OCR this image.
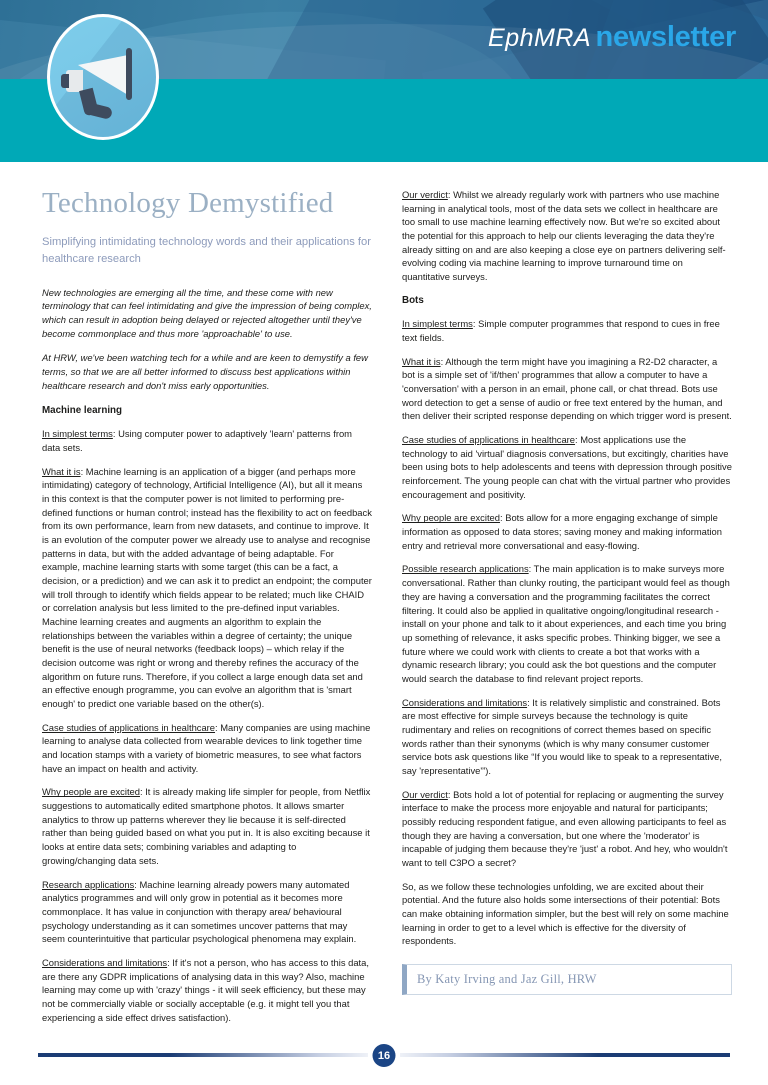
EphMRA newsletter
Technology Demystified
Simplifying intimidating technology words and their applications for healthcare research

New technologies are emerging all the time, and these come with new terminology that can feel intimidating and give the impression of being complex, which can result in adoption being delayed or rejected altogether until they've become commonplace and thus more 'approachable' to use.

At HRW, we've been watching tech for a while and are keen to demystify a few terms, so that we are all better informed to discuss best applications within healthcare research and don't miss early opportunities.

Machine learning

In simplest terms: Using computer power to adaptively 'learn' patterns from data sets.

What it is: Machine learning is an application of a bigger (and perhaps more intimidating) category of technology, Artificial Intelligence (AI), but all it means in this context is that the computer power is not limited to performing pre-defined functions or human control; instead has the flexibility to act on feedback from its own performance, learn from new datasets, and continue to improve. It is an evolution of the computer power we already use to analyse and recognise patterns in data, but with the added advantage of being adaptable. For example, machine learning starts with some target (this can be a fact, a decision, or a prediction) and we can ask it to predict an endpoint; the computer will troll through to identify which fields appear to be related; much like CHAID or correlation analysis but less limited to the pre-defined input variables. Machine learning creates and augments an algorithm to explain the relationships between the variables within a degree of certainty; the unique benefit is the use of neural networks (feedback loops) – which relay if the decision outcome was right or wrong and thereby refines the accuracy of the algorithm on future runs. Therefore, if you collect a large enough data set and an effective enough programme, you can evolve an algorithm that is 'smart enough' to predict one variable based on the other(s).

Case studies of applications in healthcare: Many companies are using machine learning to analyse data collected from wearable devices to link together time and location stamps with a variety of biometric measures, to see what factors have an impact on health and activity.

Why people are excited: It is already making life simpler for people, from Netflix suggestions to automatically edited smartphone photos. It allows smarter analytics to throw up patterns wherever they lie because it is self-directed rather than being guided based on what you put in. It is also exciting because it looks at entire data sets; combining variables and adapting to growing/changing data sets.

Research applications: Machine learning already powers many automated analytics programmes and will only grow in potential as it becomes more commonplace. It has value in conjunction with therapy area/ behavioural psychology understanding as it can sometimes uncover patterns that may seem counterintuitive that particular psychological phenomena may explain.

Considerations and limitations: If it's not a person, who has access to this data, are there any GDPR implications of analysing data in this way? Also, machine learning may come up with 'crazy' things - it will seek efficiency, but these may not be commercially viable or socially acceptable (e.g. it might tell you that experiencing a side effect drives satisfaction).

Our verdict: Whilst we already regularly work with partners who use machine learning in analytical tools, most of the data sets we collect in healthcare are too small to use machine learning effectively now. But we're so excited about the potential for this approach to help our clients leveraging the data they're already sitting on and are also keeping a close eye on partners delivering self-evolving coding via machine learning to improve turnaround time on quantitative surveys.

Bots

In simplest terms: Simple computer programmes that respond to cues in free text fields.

What it is: Although the term might have you imagining a R2-D2 character, a bot is a simple set of 'if/then' programmes that allow a computer to have a 'conversation' with a person in an email, phone call, or chat thread. Bots use word detection to get a sense of audio or free text entered by the human, and then deliver their scripted response depending on which trigger word is present.

Case studies of applications in healthcare: Most applications use the technology to aid 'virtual' diagnosis conversations, but excitingly, charities have been using bots to help adolescents and teens with depression through positive reinforcement. The young people can chat with the virtual partner who provides encouragement and positivity.

Why people are excited: Bots allow for a more engaging exchange of simple information as opposed to data stores; saving money and making information entry and retrieval more conversational and easy-flowing.

Possible research applications: The main application is to make surveys more conversational. Rather than clunky routing, the participant would feel as though they are having a conversation and the programming facilitates the correct filtering. It could also be applied in qualitative ongoing/longitudinal research - install on your phone and talk to it about experiences, and each time you bring up something of relevance, it asks specific probes. Thinking bigger, we see a future where we could work with clients to create a bot that works with a dynamic research library; you could ask the bot questions and the computer would search the database to find relevant project reports.

Considerations and limitations: It is relatively simplistic and constrained. Bots are most effective for simple surveys because the technology is quite rudimentary and relies on recognitions of correct themes based on specific words rather than their synonyms (which is why many consumer customer service bots ask questions like “If you would like to speak to a representative, say 'representative'”).

Our verdict: Bots hold a lot of potential for replacing or augmenting the survey interface to make the process more enjoyable and natural for participants; possibly reducing respondent fatigue, and even allowing participants to feel as though they are having a conversation, but one where the 'moderator' is incapable of judging them because they're 'just' a robot. And hey, who wouldn't want to tell C3PO a secret?

So, as we follow these technologies unfolding, we are excited about their potential. And the future also holds some intersections of their potential: Bots can make obtaining information simpler, but the best will rely on some machine learning in order to get to a level which is effective for the diversity of respondents.

By Katy Irving and Jaz Gill, HRW
16
